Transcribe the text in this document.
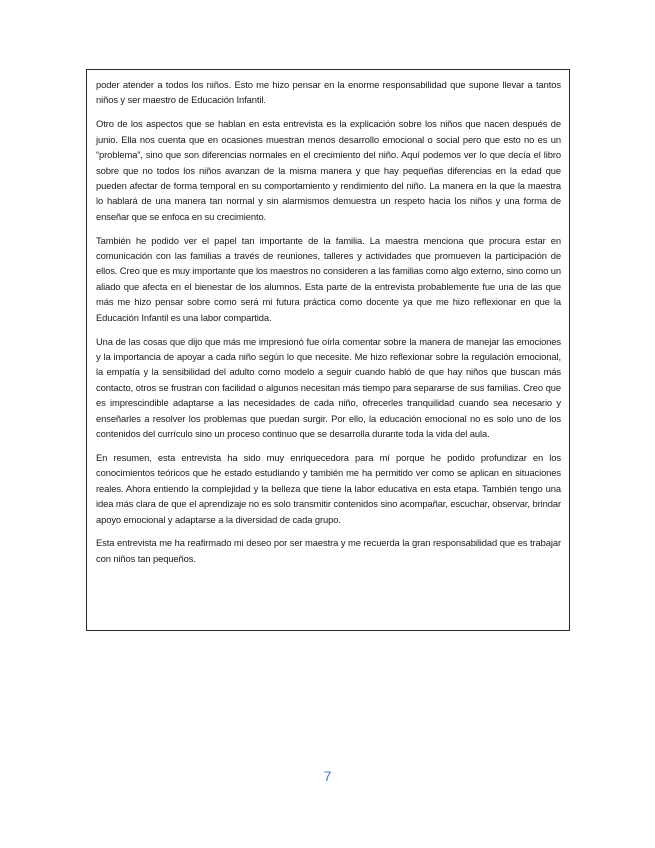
poder atender a todos los niños. Esto me hizo pensar en la enorme responsabilidad que supone llevar a tantos niños y ser maestro de Educación Infantil.

Otro de los aspectos que se hablan en esta entrevista es la explicación sobre los niños que nacen después de junio. Ella nos cuenta que en ocasiones muestran menos desarrollo emocional o social pero que esto no es un “problema”, sino que son diferencias normales en el crecimiento del niño. Aquí podemos ver lo que decía el libro sobre que no todos los niños avanzan de la misma manera y que hay pequeñas diferencias en la edad que pueden afectar de forma temporal en su comportamiento y rendimiento del niño. La manera en la que la maestra lo hablará de una manera tan normal y sin alarmismos demuestra un respeto hacia los niños y una forma de enseñar que se enfoca en su crecimiento.

También he podido ver el papel tan importante de la familia. La maestra menciona que procura estar en comunicación con las familias a través de reuniones, talleres y actividades que promueven la participación de ellos. Creo que es muy importante que los maestros no consideren a las familias como algo externo, sino como un aliado que afecta en el bienestar de los alumnos. Esta parte de la entrevista probablemente fue una de las que más me hizo pensar sobre como será mi futura práctica como docente ya que me hizo reflexionar en que la Educación Infantil es una labor compartida.

Una de las cosas que dijo que más me impresionó fue oírla comentar sobre la manera de manejar las emociones y la importancia de apoyar a cada niño según lo que necesite. Me hizo reflexionar sobre la regulación emocional, la empatía y la sensibilidad del adulto como modelo a seguir cuando habló de que hay niños que buscan más contacto, otros se frustran con facilidad o algunos necesitan más tiempo para separarse de sus familias. Creo que es imprescindible adaptarse a las necesidades de cada niño, ofrecerles tranquilidad cuando sea necesario y enseñarles a resolver los problemas que puedan surgir. Por ello, la educación emocional no es solo uno de los contenidos del currículo sino un proceso continuo que se desarrolla durante toda la vida del aula.

En resumen, esta entrevista ha sido muy enriquecedora para mí porque he podido profundizar en los conocimientos teóricos que he estado estudiando y también me ha permitido ver como se aplican en situaciones reales. Ahora entiendo la complejidad y la belleza que tiene la labor educativa en esta etapa. También tengo una idea más clara de que el aprendizaje no es solo transmitir contenidos sino acompañar, escuchar, observar, brindar apoyo emocional y adaptarse a la diversidad de cada grupo.

Esta entrevista me ha reafirmado mi deseo por ser maestra y me recuerda la gran responsabilidad que es trabajar con niños tan pequeños.

7
